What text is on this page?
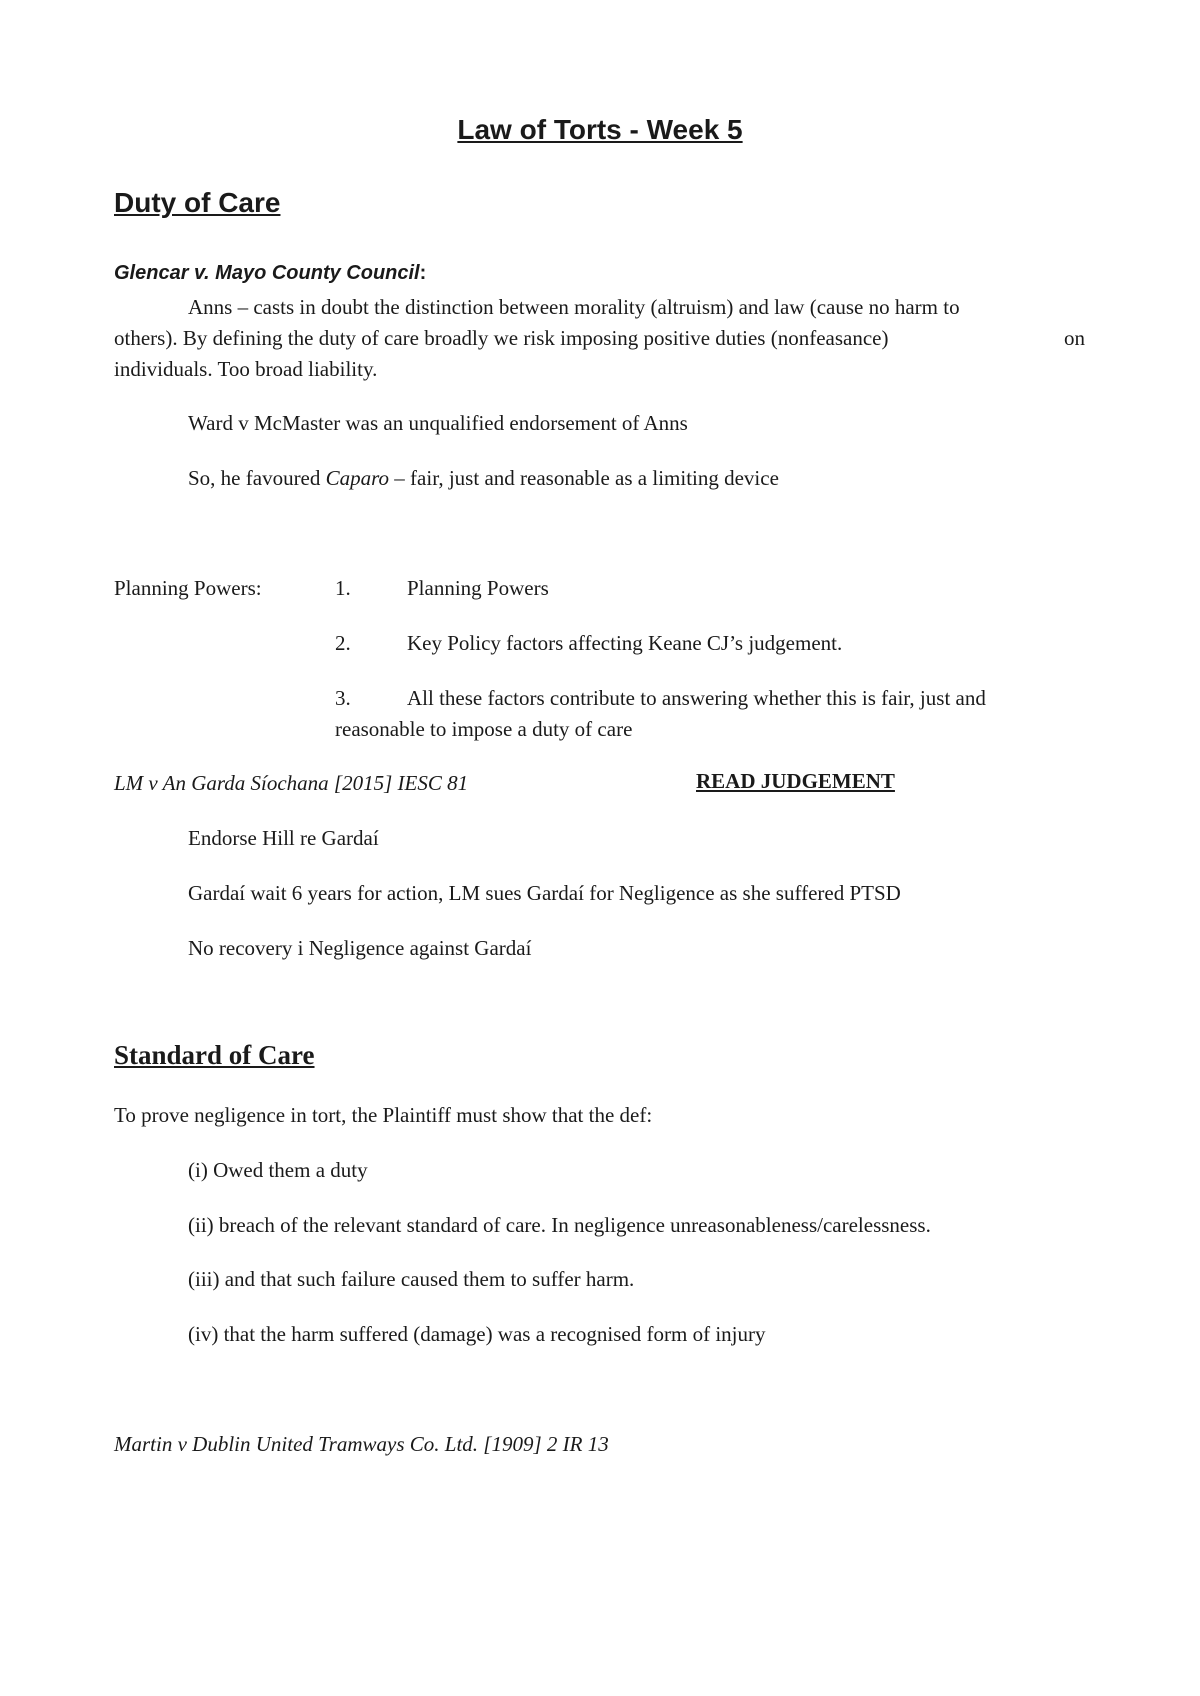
Law of Torts - Week 5
Duty of Care
Glencar v. Mayo County Council:
Anns – casts in doubt the distinction between morality (altruism) and law (cause no harm to
others). By defining the duty of care broadly we risk imposing positive duties (nonfeasance)	on
individuals. Too broad liability.
Ward v McMaster was an unqualified endorsement of Anns
So, he favoured Caparo – fair, just and reasonable as a limiting device
Planning Powers:	1.	Planning Powers
2.	Key Policy factors affecting Keane CJ’s judgement.
3.	All these factors contribute to answering whether this is fair, just and
reasonable to impose a duty of care
LM v An Garda Síochana [2015] IESC 81	READ JUDGEMENT
Endorse Hill re Gardaí
Gardaí wait 6 years for action, LM sues Gardaí for Negligence as she suffered PTSD
No recovery i Negligence against Gardaí
Standard of Care
To prove negligence in tort, the Plaintiff must show that the def:
(i) Owed them a duty
(ii) breach of the relevant standard of care. In negligence unreasonableness/carelessness.
(iii) and that such failure caused them to suffer harm.
(iv) that the harm suffered (damage) was a recognised form of injury
Martin v Dublin United Tramways Co. Ltd. [1909] 2 IR 13
